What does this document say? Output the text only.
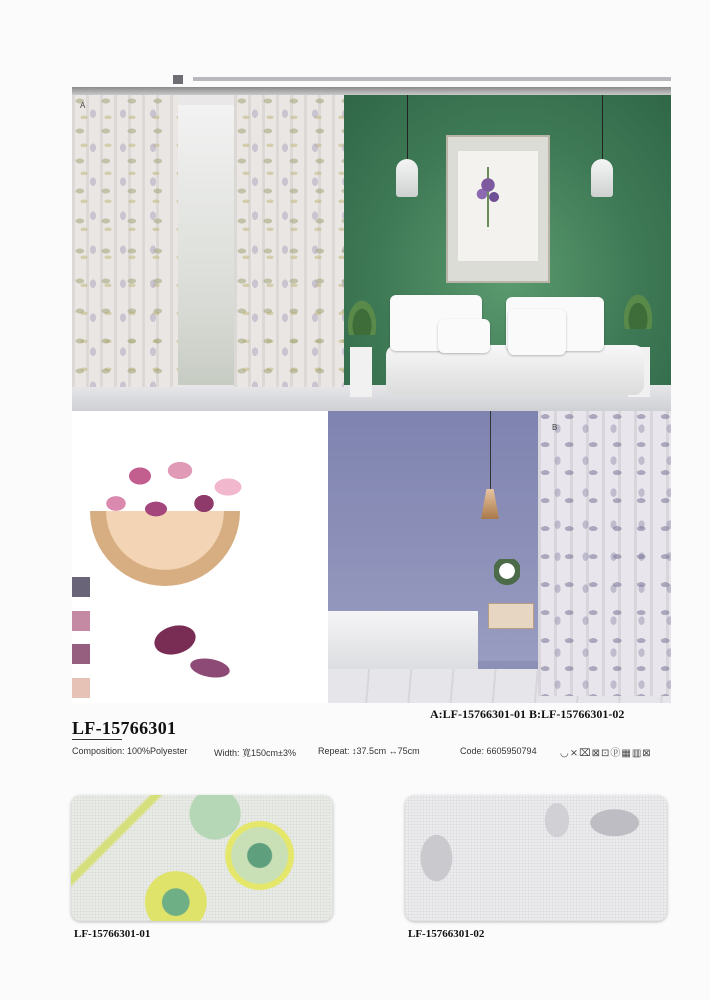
A
B
LF-15766301
A:LF-15766301-01 B:LF-15766301-02
Composition: 100%Polyester	Width: 寬150cm±3% Repeat: ↕37.5cm ↔75cm	Code: 6605950794 ◡⨯⌧⊠⊡ⓟ▦▥⊠
LF-15766301-01	LF-15766301-02
